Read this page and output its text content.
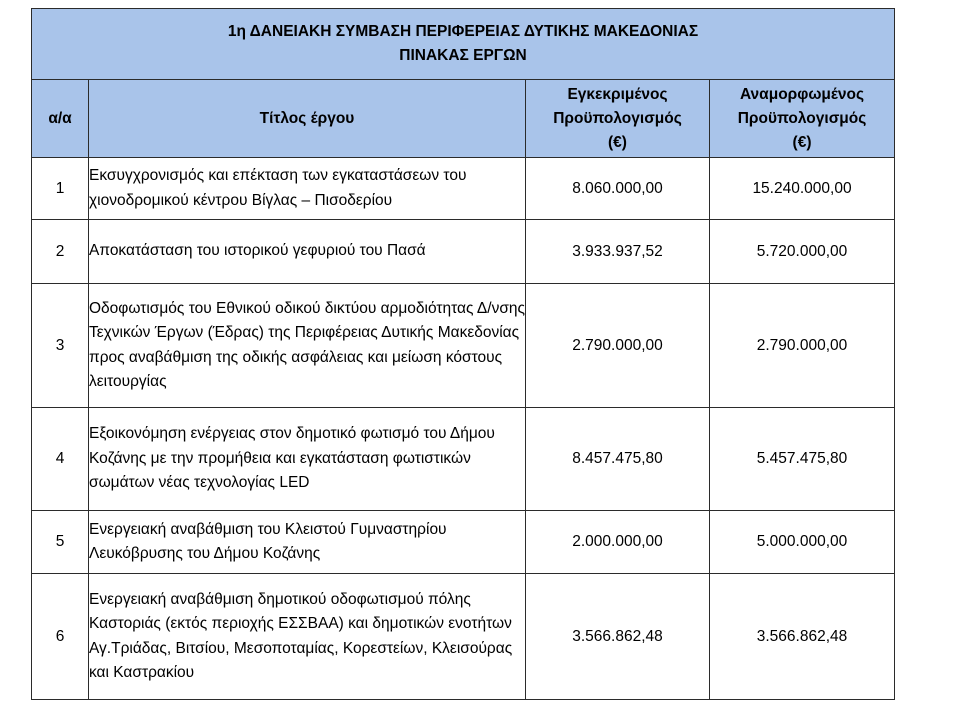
1η ΔΑΝΕΙΑΚΗ ΣΥΜΒΑΣΗ ΠΕΡΙΦΕΡΕΙΑΣ ΔΥΤΙΚΗΣ ΜΑΚΕΔΟΝΙΑΣ
ΠΙΝΑΚΑΣ ΕΡΓΩΝ			

α/α	Τίτλος έργου	Εγκεκριμένος
Προϋπολογισμός
(€)	Αναμορφωμένος
Προϋπολογισμός
(€)

1	Εκσυγχρονισμός και επέκταση των εγκαταστάσεων του χιονοδρομικού κέντρου Βίγλας – Πισοδερίου	8.060.000,00	15.240.000,00
2	Αποκατάσταση του ιστορικού γεφυριού του Πασά	3.933.937,52	5.720.000,00
3	Οδοφωτισμός του Εθνικού οδικού δικτύου αρμοδιότητας Δ/νσης Τεχνικών Έργων (Έδρας) της Περιφέρειας Δυτικής Μακεδονίας προς αναβάθμιση της οδικής ασφάλειας και μείωση κόστους λειτουργίας	2.790.000,00	2.790.000,00
4	Εξοικονόμηση ενέργειας στον δημοτικό φωτισμό του Δήμου Κοζάνης με την προμήθεια και εγκατάσταση φωτιστικών σωμάτων νέας τεχνολογίας LED	8.457.475,80	5.457.475,80
5	Ενεργειακή αναβάθμιση του Κλειστού Γυμναστηρίου Λευκόβρυσης του Δήμου Κοζάνης	2.000.000,00	5.000.000,00
6	Ενεργειακή αναβάθμιση δημοτικού οδοφωτισμού πόλης Καστοριάς (εκτός περιοχής ΕΣΣΒΑΑ) και δημοτικών ενοτήτων Αγ.Τριάδας, Βιτσίου, Μεσοποταμίας, Κορεστείων, Κλεισούρας και Καστρακίου	3.566.862,48	3.566.862,48
